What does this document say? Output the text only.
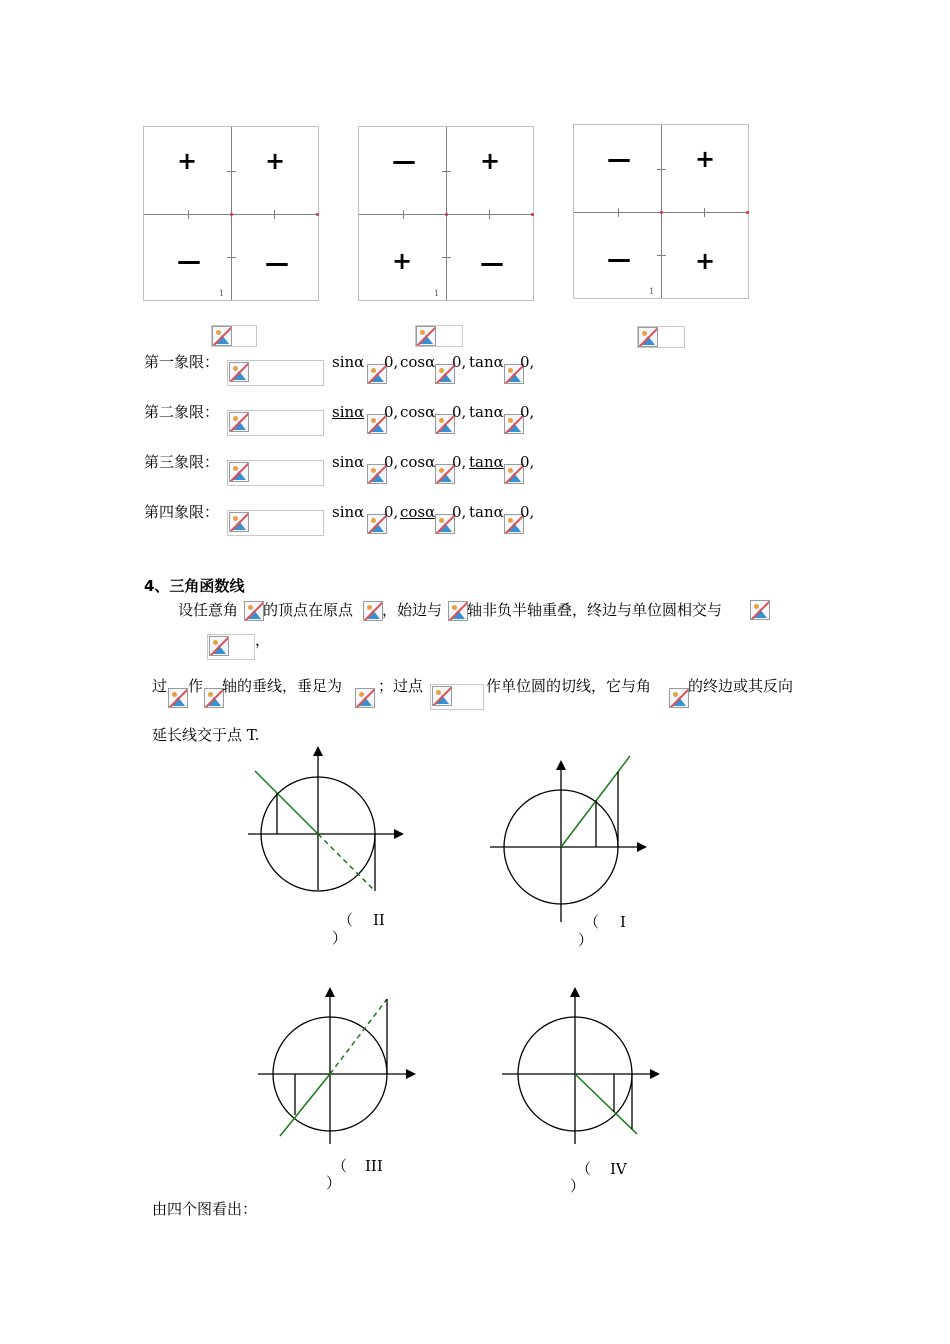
1
+	+
—	—
1
—	+
+	—
1
—	+
—	+
第一象限：	sinα 0, cosα 0, tanα 0,
第二象限：	sinα 0, cosα 0, tanα 0,
第三象限：	sinα 0, cosα 0, tanα 0,
第四象限：	sinα 0, cosα 0, tanα 0,
4、三角函数线
设任意角 的顶点在原点 ，始边与 轴非负半轴重叠，终边与单位圆相交与
，
过 作 轴的垂线，垂足为 ；过点	作单位圆的切线，它与角 的终边或其反向
延长线交于点 T.
（ II
）
（ I
）
（ III
）
（ IV
）
由四个图看出：
